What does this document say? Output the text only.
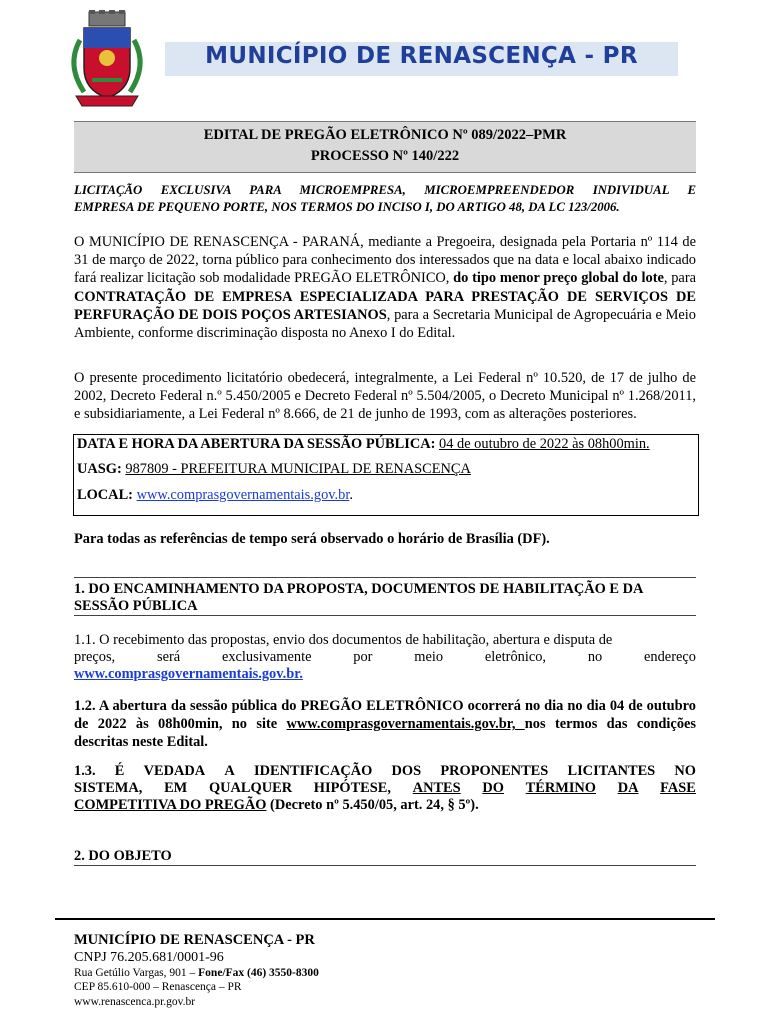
MUNICÍPIO DE RENASCENÇA - PR
EDITAL DE PREGÃO ELETRÔNICO Nº 089/2022–PMR
PROCESSO Nº 140/222
LICITAÇÃO EXCLUSIVA PARA MICROEMPRESA, MICROEMPREENDEDOR INDIVIDUAL E
EMPRESA DE PEQUENO PORTE, NOS TERMOS DO INCISO I, DO ARTIGO 48, DA LC 123/2006.
O MUNICÍPIO DE RENASCENÇA - PARANÁ, mediante a Pregoeira, designada pela Portaria nº 114 de 31 de março de 2022, torna público para conhecimento dos interessados que na data e local abaixo indicado fará realizar licitação sob modalidade PREGÃO ELETRÔNICO, do tipo menor preço global do lote, para CONTRATAÇÃO DE EMPRESA ESPECIALIZADA PARA PRESTAÇÃO DE SERVIÇOS DE PERFURAÇÃO DE DOIS POÇOS ARTESIANOS, para a Secretaria Municipal de Agropecuária e Meio Ambiente, conforme discriminação disposta no Anexo I do Edital.
O presente procedimento licitatório obedecerá, integralmente, a Lei Federal nº 10.520, de 17 de julho de 2002, Decreto Federal n.º 5.450/2005 e Decreto Federal nº 5.504/2005, o Decreto Municipal nº 1.268/2011, e subsidiariamente, a Lei Federal nº 8.666, de 21 de junho de 1993, com as alterações posteriores.
DATA E HORA DA ABERTURA DA SESSÃO PÚBLICA: 04 de outubro de 2022 às 08h00min.
UASG: 987809 - PREFEITURA MUNICIPAL DE RENASCENÇA
LOCAL: www.comprasgovernamentais.gov.br.
Para todas as referências de tempo será observado o horário de Brasília (DF).
1. DO ENCAMINHAMENTO DA PROPOSTA, DOCUMENTOS DE HABILITAÇÃO E DA
SESSÃO PÚBLICA
1.1. O recebimento das propostas, envio dos documentos de habilitação, abertura e disputa de
preços,	será	exclusivamente	por	meio	eletrônico,	no	endereço
www.comprasgovernamentais.gov.br.
1.2. A abertura da sessão pública do PREGÃO ELETRÔNICO ocorrerá no dia no dia 04 de outubro de 2022 às 08h00min, no site www.comprasgovernamentais.gov.br, nos termos das condições descritas neste Edital.
1.3. É VEDADA A IDENTIFICAÇÃO DOS PROPONENTES LICITANTES NO
SISTEMA, EM QUALQUER HIPÓTESE, ANTES DO TÉRMINO DA FASE
COMPETITIVA DO PREGÃO (Decreto nº 5.450/05, art. 24, § 5º).
2. DO OBJETO
MUNICÍPIO DE RENASCENÇA - PR
CNPJ 76.205.681/0001-96
Rua Getúlio Vargas, 901 – Fone/Fax (46) 3550-8300
CEP 85.610-000 – Renascença – PR
www.renascenca.pr.gov.br
